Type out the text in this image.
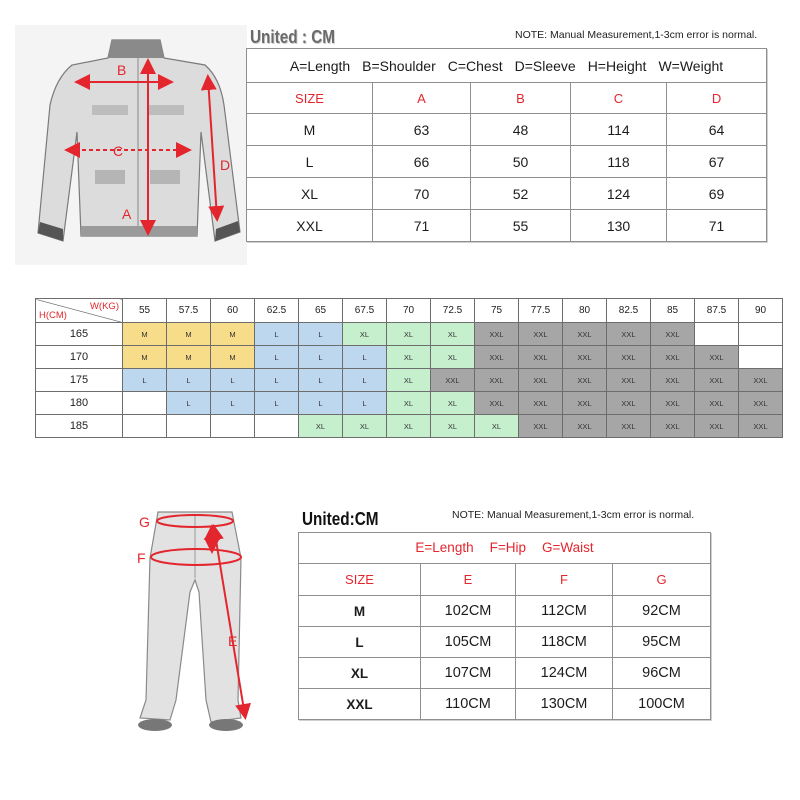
B
C
A
D
United : CM	NOTE: Manual Measurement,1-3cm error is normal.
A=Length B=Shoulder C=Chest D=Sleeve H=Height W=Weight				
SIZE	A	B	C	D
M	63	48	114	64
L	66	50	118	67
XL	70	52	124	69
XXL	71	55	130	71
W(KG)
H(CM)	55	57.5	60	62.5	65	67.5	70	72.5	75	77.5	80	82.5	85	87.5	90
165	M	M	M	L	L	XL	XL	XL	XXL	XXL	XXL	XXL	XXL		
170	M	M	M	L	L	L	XL	XL	XXL	XXL	XXL	XXL	XXL	XXL	
175	L	L	L	L	L	L	XL	XXL	XXL	XXL	XXL	XXL	XXL	XXL	XXL
180		L	L	L	L	L	XL	XL	XXL	XXL	XXL	XXL	XXL	XXL	XXL
185					XL	XL	XL	XL	XL	XXL	XXL	XXL	XXL	XXL	XXL
G
F
E
United:CM	NOTE: Manual Measurement,1-3cm error is normal.
E=Length F=Hip G=Waist			
SIZE	E	F	G
M	102CM	112CM	92CM
L	105CM	118CM	95CM
XL	107CM	124CM	96CM
XXL	110CM	130CM	100CM
